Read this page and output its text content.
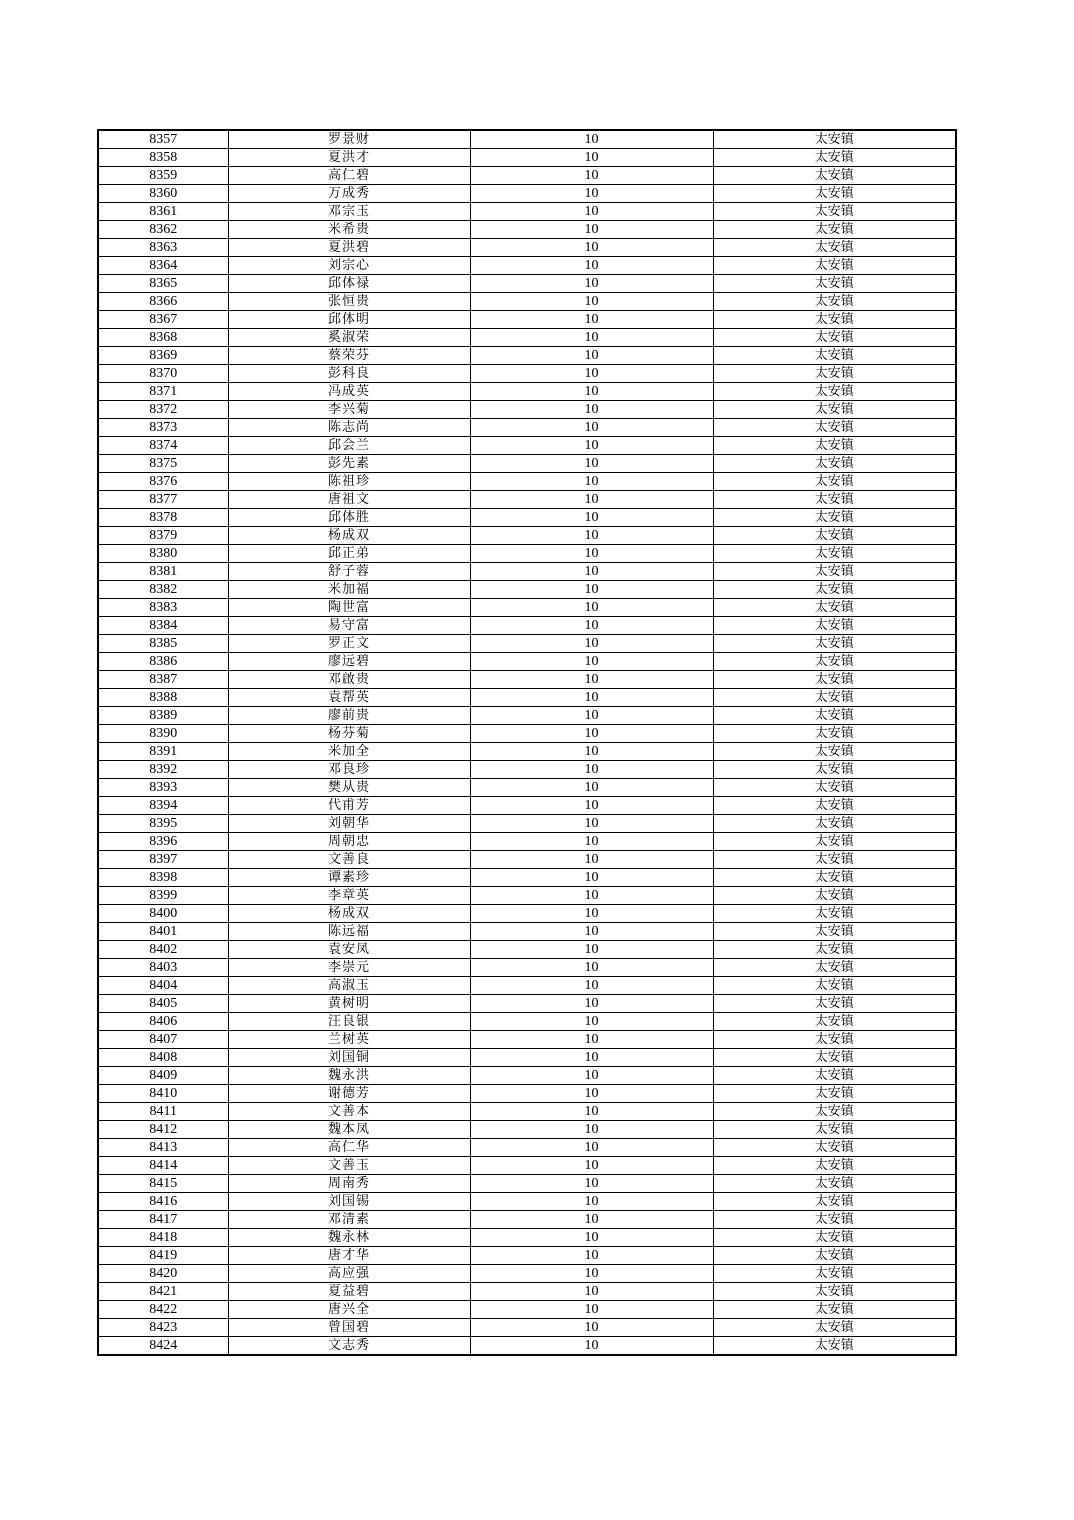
8357	罗景财	10	太安镇
8358	夏洪才	10	太安镇
8359	高仁碧	10	太安镇
8360	万成秀	10	太安镇
8361	邓宗玉	10	太安镇
8362	米希贵	10	太安镇
8363	夏洪碧	10	太安镇
8364	刘宗心	10	太安镇
8365	邱体禄	10	太安镇
8366	张恒贵	10	太安镇
8367	邱体明	10	太安镇
8368	奚淑荣	10	太安镇
8369	蔡荣芬	10	太安镇
8370	彭科良	10	太安镇
8371	冯成英	10	太安镇
8372	李兴菊	10	太安镇
8373	陈志尚	10	太安镇
8374	邱会兰	10	太安镇
8375	彭先素	10	太安镇
8376	陈祖珍	10	太安镇
8377	唐祖文	10	太安镇
8378	邱体胜	10	太安镇
8379	杨成双	10	太安镇
8380	邱正弟	10	太安镇
8381	舒子蓉	10	太安镇
8382	米加福	10	太安镇
8383	陶世富	10	太安镇
8384	易守富	10	太安镇
8385	罗正文	10	太安镇
8386	廖远碧	10	太安镇
8387	邓啟贵	10	太安镇
8388	袁帮英	10	太安镇
8389	廖前贵	10	太安镇
8390	杨芬菊	10	太安镇
8391	米加全	10	太安镇
8392	邓良珍	10	太安镇
8393	樊从贵	10	太安镇
8394	代甫芳	10	太安镇
8395	刘朝华	10	太安镇
8396	周朝忠	10	太安镇
8397	文善良	10	太安镇
8398	谭素珍	10	太安镇
8399	李章英	10	太安镇
8400	杨成双	10	太安镇
8401	陈远福	10	太安镇
8402	袁安凤	10	太安镇
8403	李崇元	10	太安镇
8404	高淑玉	10	太安镇
8405	黄树明	10	太安镇
8406	汪良银	10	太安镇
8407	兰树英	10	太安镇
8408	刘国铜	10	太安镇
8409	魏永洪	10	太安镇
8410	谢德芳	10	太安镇
8411	文善本	10	太安镇
8412	魏本凤	10	太安镇
8413	高仁华	10	太安镇
8414	文善玉	10	太安镇
8415	周南秀	10	太安镇
8416	刘国锡	10	太安镇
8417	邓清素	10	太安镇
8418	魏永林	10	太安镇
8419	唐才华	10	太安镇
8420	高应强	10	太安镇
8421	夏益碧	10	太安镇
8422	唐兴全	10	太安镇
8423	曾国碧	10	太安镇
8424	文志秀	10	太安镇
